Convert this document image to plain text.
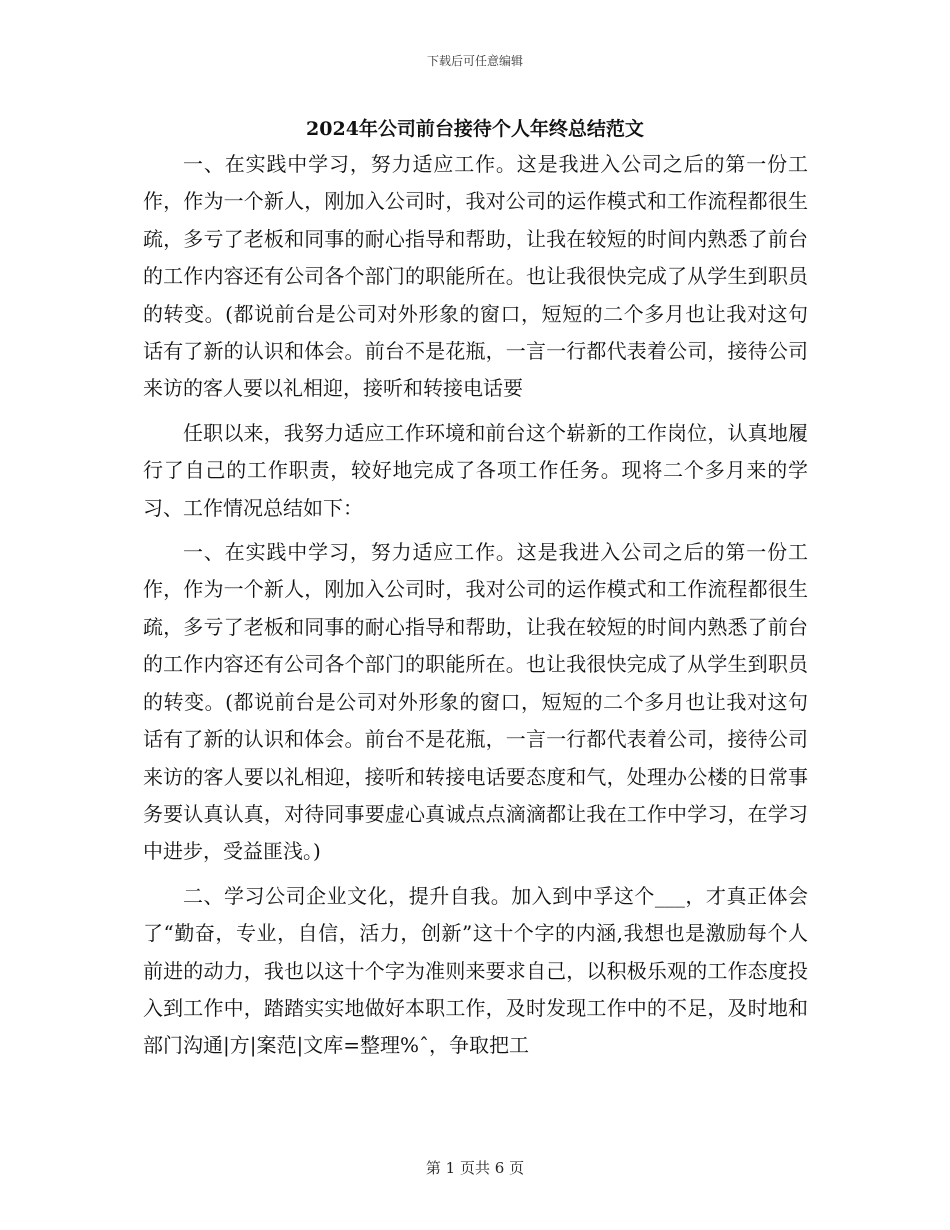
下载后可任意编辑
2024年公司前台接待个人年终总结范文

一、在实践中学习，努力适应工作。这是我进入公司之后的第一份工作，作为一个新人，刚加入公司时，我对公司的运作模式和工作流程都很生疏，多亏了老板和同事的耐心指导和帮助，让我在较短的时间内熟悉了前台的工作内容还有公司各个部门的职能所在。也让我很快完成了从学生到职员的转变。(都说前台是公司对外形象的窗口，短短的二个多月也让我对这句话有了新的认识和体会。前台不是花瓶，一言一行都代表着公司，接待公司来访的客人要以礼相迎，接听和转接电话要

任职以来，我努力适应工作环境和前台这个崭新的工作岗位，认真地履行了自己的工作职责，较好地完成了各项工作任务。现将二个多月来的学习、工作情况总结如下：

一、在实践中学习，努力适应工作。这是我进入公司之后的第一份工作，作为一个新人，刚加入公司时，我对公司的运作模式和工作流程都很生疏，多亏了老板和同事的耐心指导和帮助，让我在较短的时间内熟悉了前台的工作内容还有公司各个部门的职能所在。也让我很快完成了从学生到职员的转变。(都说前台是公司对外形象的窗口，短短的二个多月也让我对这句话有了新的认识和体会。前台不是花瓶，一言一行都代表着公司，接待公司来访的客人要以礼相迎，接听和转接电话要态度和气，处理办公楼的日常事务要认真认真，对待同事要虚心真诚点点滴滴都让我在工作中学习，在学习中进步，受益匪浅。)

二、学习公司企业文化，提升自我。加入到中孚这个___，才真正体会了“勤奋，专业，自信，活力，创新”这十个字的内涵,我想也是激励每个人前进的动力，我也以这十个字为准则来要求自己，以积极乐观的工作态度投入到工作中，踏踏实实地做好本职工作，及时发现工作中的不足，及时地和部门沟通|方|案范|文库=整理%ˆ，争取把工

第 1 页共 6 页
